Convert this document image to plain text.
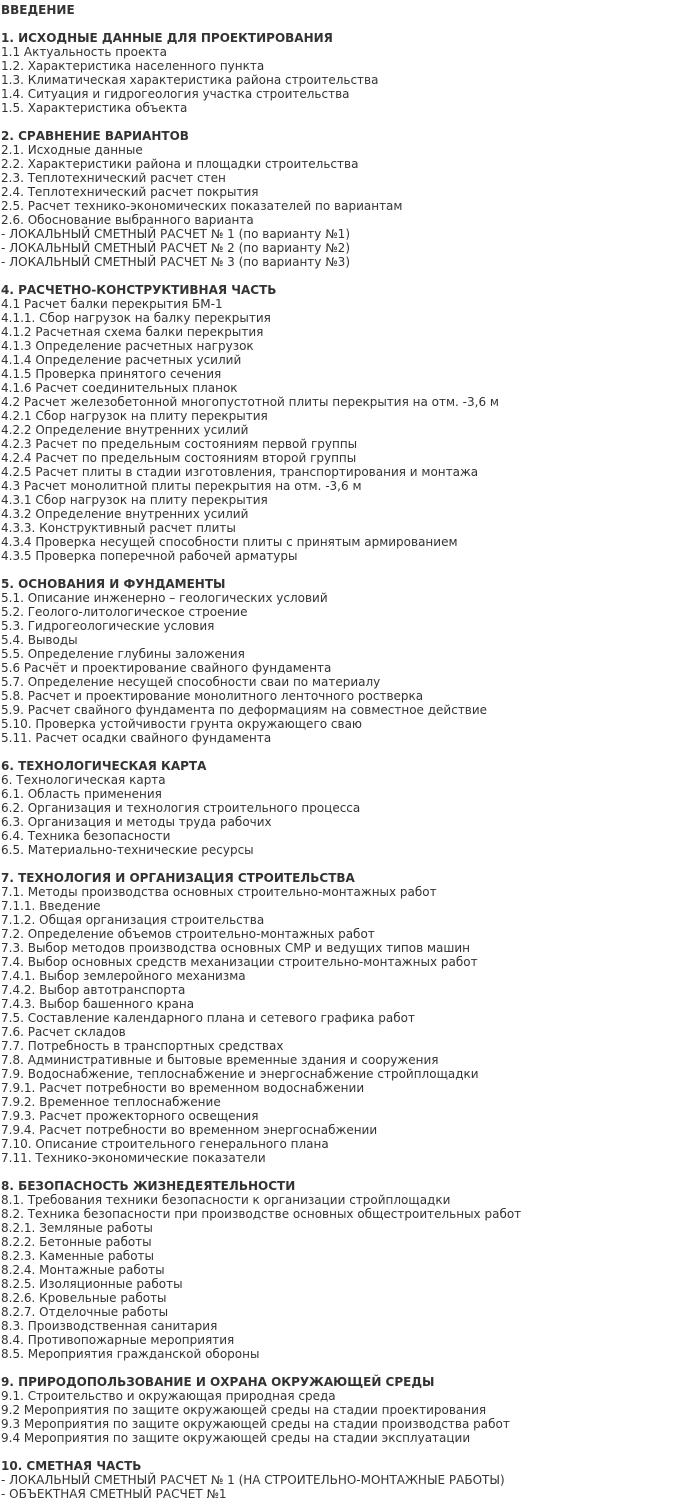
ВВЕДЕНИЕ
1. ИСХОДНЫЕ ДАННЫЕ ДЛЯ ПРОЕКТИРОВАНИЯ
1.1 Актуальность проекта
1.2. Характеристика населенного пункта
1.3. Климатическая характеристика района строительства
1.4. Ситуация и гидрогеология участка строительства
1.5. Характеристика объекта
2. СРАВНЕНИЕ ВАРИАНТОВ
2.1. Исходные данные
2.2. Характеристики района и площадки строительства
2.3. Теплотехнический расчет стен
2.4. Теплотехнический расчет покрытия
2.5. Расчет технико-экономических показателей по вариантам
2.6. Обоснование выбранного варианта
- ЛОКАЛЬНЫЙ СМЕТНЫЙ РАСЧЕТ № 1 (по варианту №1)
- ЛОКАЛЬНЫЙ СМЕТНЫЙ РАСЧЕТ № 2 (по варианту №2)
- ЛОКАЛЬНЫЙ СМЕТНЫЙ РАСЧЕТ № 3 (по варианту №3)
4. РАСЧЕТНО-КОНСТРУКТИВНАЯ ЧАСТЬ
4.1 Расчет балки перекрытия БМ-1
4.1.1. Сбор нагрузок на балку перекрытия
4.1.2 Расчетная схема балки перекрытия
4.1.3 Определение расчетных нагрузок
4.1.4 Определение расчетных усилий
4.1.5 Проверка принятого сечения
4.1.6 Расчет соединительных планок
4.2 Расчет железобетонной многопустотной плиты перекрытия на отм. -3,6 м
4.2.1 Сбор нагрузок на плиту перекрытия
4.2.2 Определение внутренних усилий
4.2.3 Расчет по предельным состояниям первой группы
4.2.4 Расчет по предельным состояниям второй группы
4.2.5 Расчет плиты в стадии изготовления, транспортирования и монтажа
4.3 Расчет монолитной плиты перекрытия на отм. -3,6 м
4.3.1 Сбор нагрузок на плиту перекрытия
4.3.2 Определение внутренних усилий
4.3.3. Конструктивный расчет плиты
4.3.4 Проверка несущей способности плиты с принятым армированием
4.3.5 Проверка поперечной рабочей арматуры
5. ОСНОВАНИЯ И ФУНДАМЕНТЫ
5.1. Описание инженерно – геологических условий
5.2. Геолого-литологическое строение
5.3. Гидрогеологические условия
5.4. Выводы
5.5. Определение глубины заложения
5.6 Расчёт и проектирование свайного фундамента
5.7. Определение несущей способности сваи по материалу
5.8. Расчет и проектирование монолитного ленточного ростверка
5.9. Расчет свайного фундамента по деформациям на совместное действие
5.10. Проверка устойчивости грунта окружающего сваю
5.11. Расчет осадки свайного фундамента
6. ТЕХНОЛОГИЧЕСКАЯ КАРТА
6. Технологическая карта
6.1. Область применения
6.2. Организация и технология строительного процесса
6.3. Организация и методы труда рабочих
6.4. Техника безопасности
6.5. Материально-технические ресурсы
7. ТЕХНОЛОГИЯ И ОРГАНИЗАЦИЯ СТРОИТЕЛЬСТВА
7.1. Методы производства основных строительно-монтажных работ
7.1.1. Введение
7.1.2. Общая организация строительства
7.2. Определение объемов строительно-монтажных работ
7.3. Выбор методов производства основных СМР и ведущих типов машин
7.4. Выбор основных средств механизации строительно-монтажных работ
7.4.1. Выбор землеройного механизма
7.4.2. Выбор автотранспорта
7.4.3. Выбор башенного крана
7.5. Составление календарного плана и сетевого графика работ
7.6. Расчет складов
7.7. Потребность в транспортных средствах
7.8. Административные и бытовые временные здания и сооружения
7.9. Водоснабжение, теплоснабжение и энергоснабжение стройплощадки
7.9.1. Расчет потребности во временном водоснабжении
7.9.2. Временное теплоснабжение
7.9.3. Расчет прожекторного освещения
7.9.4. Расчет потребности во временном энергоснабжении
7.10. Описание строительного генерального плана
7.11. Технико-экономические показатели
8. БЕЗОПАСНОСТЬ ЖИЗНЕДЕЯТЕЛЬНОСТИ
8.1. Требования техники безопасности к организации стройплощадки
8.2. Техника безопасности при производстве основных общестроительных работ
8.2.1. Земляные работы
8.2.2. Бетонные работы
8.2.3. Каменные работы
8.2.4. Монтажные работы
8.2.5. Изоляционные работы
8.2.6. Кровельные работы
8.2.7. Отделочные работы
8.3. Производственная санитария
8.4. Противопожарные мероприятия
8.5. Мероприятия гражданской обороны
9. ПРИРОДОПОЛЬЗОВАНИЕ И ОХРАНА ОКРУЖАЮЩЕЙ СРЕДЫ
9.1. Строительство и окружающая природная среда
9.2 Мероприятия по защите окружающей среды на стадии проектирования
9.3 Мероприятия по защите окружающей среды на стадии производства работ
9.4 Мероприятия по защите окружающей среды на стадии эксплуатации
10. СМЕТНАЯ ЧАСТЬ
- ЛОКАЛЬНЫЙ СМЕТНЫЙ РАСЧЕТ № 1 (НА СТРОИТЕЛЬНО-МОНТАЖНЫЕ РАБОТЫ)
- ОБЪЕКТНАЯ СМЕТНЫЙ РАСЧЕТ №1
